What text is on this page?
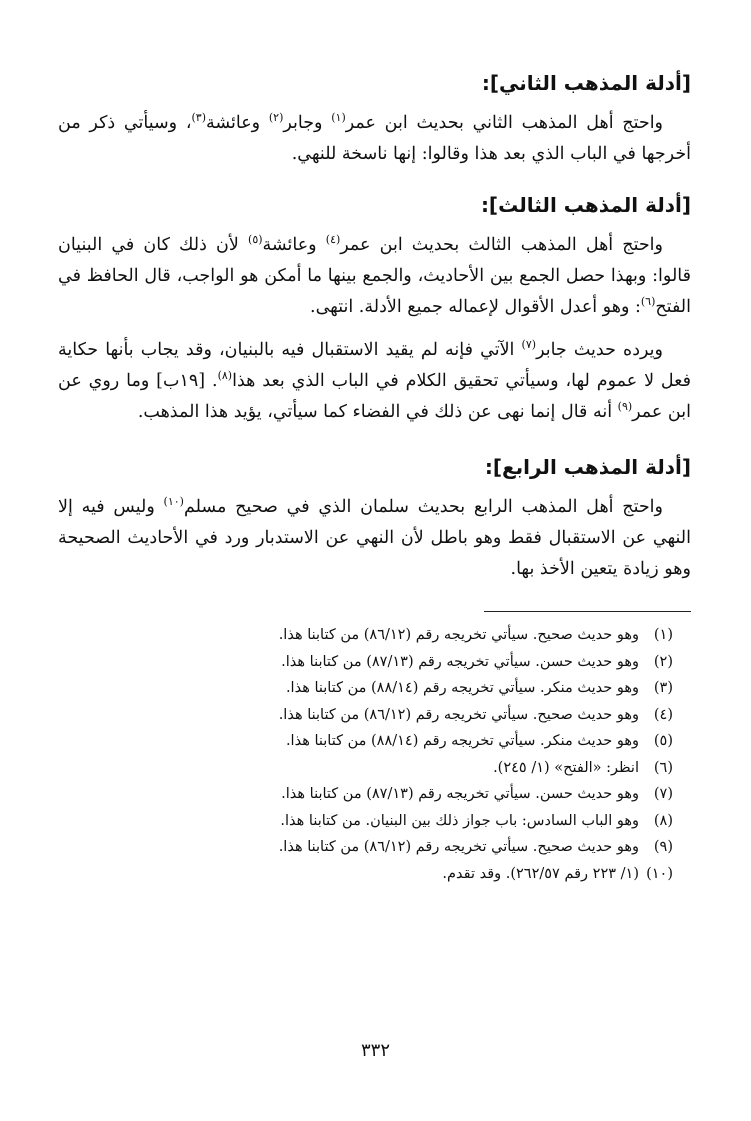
[أدلة المذهب الثاني]:

واحتج أهل المذهب الثاني بحديث ابن عمر$^{(١)}$ وجابر$^{(٢)}$ وعائشة$^{(٣)}$، وسيأتي ذكر من أخرجها في الباب الذي بعد هذا وقالوا: إنها ناسخة للنهي.

[أدلة المذهب الثالث]:

واحتج أهل المذهب الثالث بحديث ابن عمر$^{(٤)}$ وعائشة$^{(٥)}$ لأن ذلك كان في البنيان قالوا: وبهذا حصل الجمع بين الأحاديث، والجمع بينها ما أمكن هو الواجب، قال الحافظ في الفتح$^{(٦)}$: وهو أعدل الأقوال لإعماله جميع الأدلة. انتهى.

ويرده حديث جابر$^{(٧)}$ الآتي فإنه لم يقيد الاستقبال فيه بالبنيان، وقد يجاب بأنها حكاية فعل لا عموم لها، وسيأتي تحقيق الكلام في الباب الذي بعد هذا$^{(٨)}$. [١٩ب] وما روي عن ابن عمر$^{(٩)}$ أنه قال إنما نهى عن ذلك في الفضاء كما سيأتي، يؤيد هذا المذهب.

[أدلة المذهب الرابع]:

واحتج أهل المذهب الرابع بحديث سلمان الذي في صحيح مسلم$^{(١٠)}$ وليس فيه إلا النهي عن الاستقبال فقط وهو باطل لأن النهي عن الاستدبار ورد في الأحاديث الصحيحة وهو زيادة يتعين الأخذ بها.

(١)وهو حديث صحيح. سيأتي تخريجه رقم (٨٦/١٢) من كتابنا هذا.
(٢)وهو حديث حسن. سيأتي تخريجه رقم (٨٧/١٣) من كتابنا هذا.
(٣)وهو حديث منكر. سيأتي تخريجه رقم (٨٨/١٤) من كتابنا هذا.
(٤)وهو حديث صحيح. سيأتي تخريجه رقم (٨٦/١٢) من كتابنا هذا.
(٥)وهو حديث منكر. سيأتي تخريجه رقم (٨٨/١٤) من كتابنا هذا.
(٦)انظر: «الفتح» (١/ ٢٤٥).
(٧)وهو حديث حسن. سيأتي تخريجه رقم (٨٧/١٣) من كتابنا هذا.
(٨)وهو الباب السادس: باب جواز ذلك بين البنيان. من كتابنا هذا.
(٩)وهو حديث صحيح. سيأتي تخريجه رقم (٨٦/١٢) من كتابنا هذا.
(١٠)(١/ ٢٢٣ رقم ٢٦٢/٥٧). وقد تقدم.
٣٣٢
